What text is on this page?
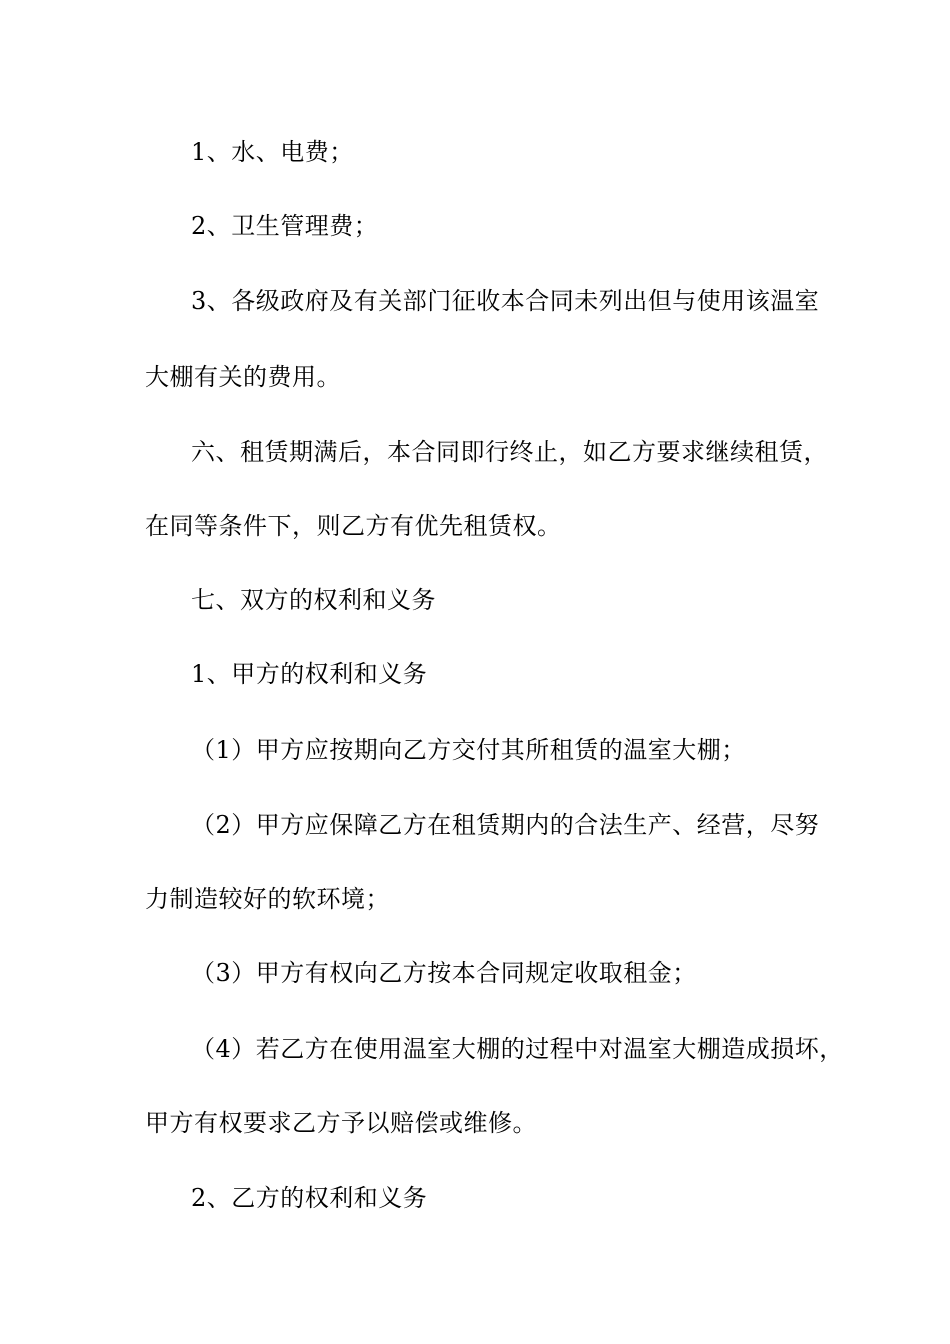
1、水、电费；
2、卫生管理费；
3、各级政府及有关部门征收本合同未列出但与使用该温室
大棚有关的费用。
六、租赁期满后，本合同即行终止，如乙方要求继续租赁，
在同等条件下，则乙方有优先租赁权。
七、双方的权利和义务
1、甲方的权利和义务
（1）甲方应按期向乙方交付其所租赁的温室大棚；
（2）甲方应保障乙方在租赁期内的合法生产、经营，尽努
力制造较好的软环境；
（3）甲方有权向乙方按本合同规定收取租金；
（4）若乙方在使用温室大棚的过程中对温室大棚造成损坏，
甲方有权要求乙方予以赔偿或维修。
2、乙方的权利和义务
